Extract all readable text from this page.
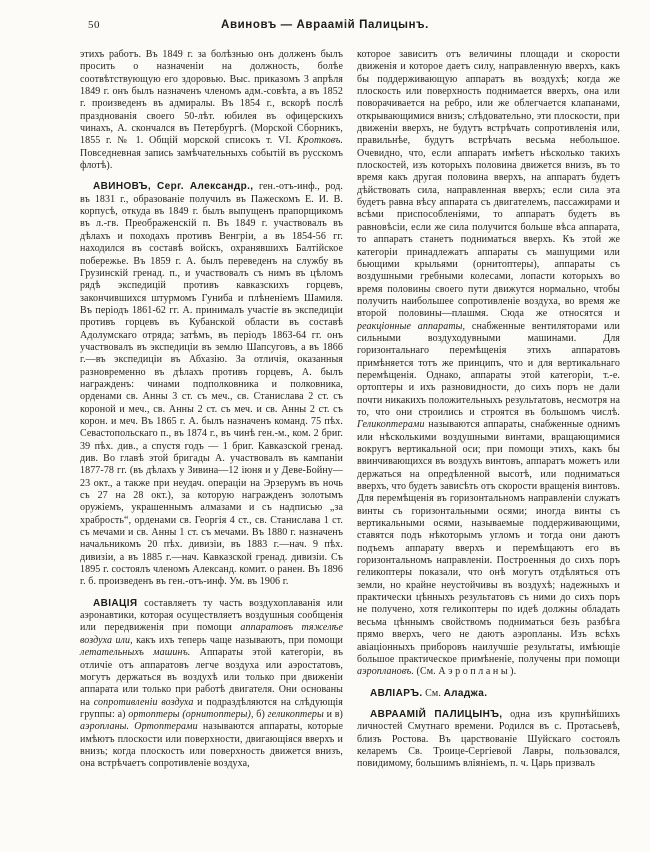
50	Авиновъ — Авраамій Палицынъ.

этихъ работъ. Въ 1849 г. за болѣзнью онъ долженъ былъ просить о назначеніи на должность, болѣе соотвѣтствующую его здоровью. Выс. приказомъ 3 апрѣля 1849 г. онъ былъ назначенъ членомъ адм.-совѣта, а въ 1852 г. произведенъ въ адмиралы. Въ 1854 г., вскорѣ послѣ празднованія своего 50-лѣт. юбилея въ офицерскихъ чинахъ, А. скончался въ Петербургѣ. (Морской Сборникъ, 1855 г. № 1. Общій морской списокъ т. VI. Кротковъ. Повседневная запись замѣчательныхъ событій въ русскомъ флотѣ).

АВИНОВЪ, Серг. Александр., ген.-отъ-инф., род. въ 1831 г., образованіе получилъ въ Пажескомъ Е. И. В. корпусѣ, откуда въ 1849 г. былъ выпущенъ прапорщикомъ въ л.-гв. Преображенскій п. Въ 1849 г. участвовалъ въ дѣлахъ и походахъ противъ Венгріи, а въ 1854-56 гг. находился въ составѣ войскъ, охранявшихъ Балтійское побережье. Въ 1859 г. А. былъ переведенъ на службу въ Грузинскій гренад. п., и участвовалъ съ нимъ въ цѣломъ рядѣ экспедицій противъ кавказскихъ горцевъ, закончившихся штурмомъ Гуниба и плѣненіемъ Шамиля. Въ періодъ 1861-62 гг. А. принималъ участіе въ экспедиціи противъ горцевъ въ Кубанской области въ составѣ Адолумскаго отряда; затѣмъ, въ періодъ 1863-64 гг. онъ участвовалъ въ экспедиціи въ землю Шапсуговъ, а въ 1866 г.—въ экспедиціи въ Абхазію. За отличія, оказанныя разновременно въ дѣлахъ противъ горцевъ, А. былъ награжденъ: чинами подполковника и полковника, орденами св. Анны 3 ст. съ меч., св. Станислава 2 ст. съ короной и меч., св. Анны 2 ст. съ меч. и св. Анны 2 ст. съ корон. и меч. Въ 1865 г. А. былъ назначенъ команд. 75 пѣх. Севастопольскаго п., въ 1874 г., въ чинѣ ген.-м., ком. 2 бриг. 39 пѣх. див., а спустя годъ — 1 бриг. Кавказской гренад. див. Во главѣ этой бригады А. участвовалъ въ кампаніи 1877-78 гг. (въ дѣлахъ у Зивина—12 іюня и у Деве-Бойну—23 окт., а также при неудач. операціи на Эрзерумъ въ ночь съ 27 на 28 окт.), за которую награжденъ золотымъ оружіемъ, украшеннымъ алмазами и съ надписью „за храбрость“, орденами св. Георгія 4 ст., св. Станислава 1 ст. съ мечами и св. Анны 1 ст. съ мечами. Въ 1880 г. назначенъ начальникомъ 20 пѣх. дивизіи, въ 1883 г.—нач. 9 пѣх. дивизіи, а въ 1885 г.—нач. Кавказской гренад. дивизіи. Съ 1895 г. состоялъ членомъ Александ. комит. о ранен. Въ 1896 г. б. произведенъ въ ген.-отъ-инф. Ум. въ 1906 г.

АВІАЦІЯ составляетъ ту часть воздухоплаванія или аэронавтики, которая осуществляетъ воздушныя сообщенія или передвиженія при помощи аппаратовъ тяжелѣе воздуха или, какъ ихъ теперь чаще называютъ, при помощи летательныхъ машинъ. Аппараты этой категоріи, въ отличіе отъ аппаратовъ легче воздуха или аэростатовъ, могутъ держаться въ воздухѣ или только при движеніи аппарата или только при работѣ двигателя. Они основаны на сопротивленіи воздуха и подраздѣляются на слѣдующія группы: а) ортоптеры (орнитоптеры), б) геликоптеры и в) аэропланы. Ортоптерами называются аппараты, которые имѣютъ плоскости или поверхности, двигающіяся вверхъ и внизъ; когда плоскость или поверхность движется внизъ, она встрѣчаетъ сопротивленіе воздуха,

которое зависитъ отъ величины площади и скорости движенія и которое даетъ силу, направленную вверхъ, какъ бы поддерживающую аппаратъ въ воздухѣ; когда же плоскость или поверхность поднимается вверхъ, она или поворачивается на ребро, или же облегчается клапанами, открывающимися внизъ; слѣдовательно, эти плоскости, при движеніи вверхъ, не будутъ встрѣчать сопротивленія или, правильнѣе, будутъ встрѣчать весьма небольшое. Очевидно, что, если аппаратъ имѣетъ нѣсколько такихъ плоскостей, изъ которыхъ половина движется внизъ, въ то время какъ другая половина вверхъ, на аппаратъ будетъ дѣйствовать сила, направленная вверхъ; если сила эта будетъ равна вѣсу аппарата съ двигателемъ, пассажирами и всѣми приспособленіями, то аппаратъ будетъ въ равновѣсіи, если же сила получится больше вѣса аппарата, то аппаратъ станетъ подниматься вверхъ. Къ этой же категоріи принадлежатъ аппараты съ машущими или бьющими крыльями (орнитоптеры), аппараты съ воздушными гребными колесами, лопасти которыхъ во время половины своего пути движутся нормально, чтобы получить наибольшее сопротивленіе воздуха, во время же второй половины—плашмя. Сюда же относятся и реакціонные аппараты, снабженные вентиляторами или сильными воздуходувными машинами. Для горизонтальнаго перемѣщенія этихъ аппаратовъ примѣняется тотъ же принципъ, что и для вертикальнаго перемѣщенія. Однако, аппараты этой категоріи, т.-е. ортоптеры и ихъ разновидности, до сихъ поръ не дали почти никакихъ положительныхъ результатовъ, несмотря на то, что они строились и строятся въ большомъ числѣ. Геликоптерами называются аппараты, снабженные однимъ или нѣсколькими воздушными винтами, вращающимися вокругъ вертикальной оси; при помощи этихъ, какъ бы ввинчивающихся въ воздухъ винтовъ, аппаратъ можетъ или держаться на опредѣленной высотѣ, или подниматься вверхъ, что будетъ зависѣть отъ скорости вращенія винтовъ. Для перемѣщенія въ горизонтальномъ направленіи служатъ винты съ горизонтальными осями; иногда винты съ вертикальными осями, называемые поддерживающими, ставятся подъ нѣкоторымъ угломъ и тогда они даютъ подъемъ аппарату вверхъ и перемѣщаютъ его въ горизонтальномъ направленіи. Построенныя до сихъ поръ геликоптеры показали, что онѣ могутъ отдѣляться отъ земли, но крайне неустойчивы въ воздухѣ; надежныхъ и практически цѣнныхъ результатовъ съ ними до сихъ поръ не получено, хотя геликоптеры по идеѣ должны обладать весьма цѣннымъ свойствомъ подниматься безъ разбѣга прямо вверхъ, чего не даютъ аэропланы. Изъ всѣхъ авіаціонныхъ приборовъ наилучшіе результаты, имѣющіе большое практическое примѣненіе, получены при помощи аэроплановъ. (См. Аэропланы).

АВЛІАРЪ. См. Аладжа.

АВРААМІЙ ПАЛИЦЫНЪ, одна изъ крупнѣйшихъ личностей Смутнаго времени. Родился въ с. Протасьевѣ, близъ Ростова. Въ царствованіе Шуйскаго состоялъ келаремъ Св. Троице-Сергіевой Лавры, пользовался, повидимому, большимъ вліяніемъ, п. ч. Царь призвалъ
